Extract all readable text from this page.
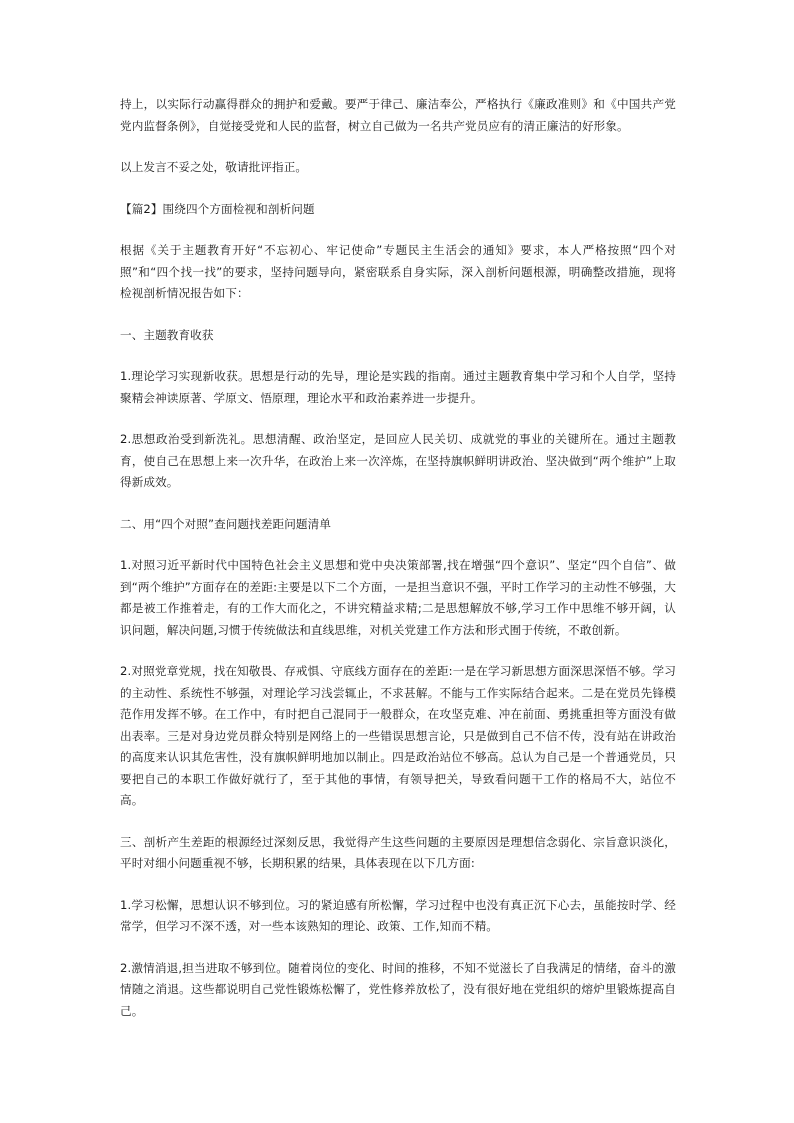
持上，以实际行动赢得群众的拥护和爱戴。要严于律己、廉洁奉公，严格执行《廉政准则》和《中国共产党党内监督条例》，自觉接受党和人民的监督，树立自己做为一名共产党员应有的清正廉洁的好形象。

以上发言不妥之处，敬请批评指正。

【篇2】围绕四个方面检视和剖析问题

根据《关于主题教育开好“不忘初心、牢记使命”专题民主生活会的通知》要求，本人严格按照“四个对照”和“四个找一找”的要求，坚持问题导向，紧密联系自身实际，深入剖析问题根源，明确整改措施，现将检视剖析情况报告如下：

一、主题教育收获

1.理论学习实现新收获。思想是行动的先导，理论是实践的指南。通过主题教育集中学习和个人自学，坚持聚精会神读原著、学原文、悟原理，理论水平和政治素养进一步提升。

2.思想政治受到新洗礼。思想清醒、政治坚定，是回应人民关切、成就党的事业的关键所在。通过主题教育，使自己在思想上来一次升华，在政治上来一次淬炼，在坚持旗帜鲜明讲政治、坚决做到“两个维护”上取得新成效。

二、用“四个对照”查问题找差距问题清单

1.对照习近平新时代中国特色社会主义思想和党中央决策部署,找在增强“四个意识”、坚定“四个自信”、做到“两个维护”方面存在的差距:主要是以下二个方面，一是担当意识不强，平时工作学习的主动性不够强，大都是被工作推着走，有的工作大而化之，不讲究精益求精;二是思想解放不够,学习工作中思维不够开阔，认识问题，解决问题,习惯于传统做法和直线思维，对机关党建工作方法和形式囿于传统，不敢创新。

2.对照党章党规，找在知敬畏、存戒惧、守底线方面存在的差距:一是在学习新思想方面深思深悟不够。学习的主动性、系统性不够强，对理论学习浅尝辄止，不求甚解。不能与工作实际结合起来。二是在党员先锋模范作用发挥不够。在工作中，有时把自己混同于一般群众，在攻坚克难、冲在前面、勇挑重担等方面没有做出表率。三是对身边党员群众特别是网络上的一些错误思想言论，只是做到自己不信不传，没有站在讲政治的高度来认识其危害性，没有旗帜鲜明地加以制止。四是政治站位不够高。总认为自己是一个普通党员，只要把自己的本职工作做好就行了，至于其他的事情，有领导把关，导致看问题干工作的格局不大，站位不高。

三、剖析产生差距的根源经过深刻反思，我觉得产生这些问题的主要原因是理想信念弱化、宗旨意识淡化，平时对细小问题重视不够，长期积累的结果，具体表现在以下几方面:

1.学习松懈，思想认识不够到位。习的紧迫感有所松懈，学习过程中也没有真正沉下心去，虽能按时学、经常学，但学习不深不透，对一些本该熟知的理论、政策、工作,知而不精。

2.激情消退,担当进取不够到位。随着岗位的变化、时间的推移，不知不觉滋长了自我满足的情绪，奋斗的激情随之消退。这些都说明自己党性锻炼松懈了，党性修养放松了，没有很好地在党组织的熔炉里锻炼提高自己。
